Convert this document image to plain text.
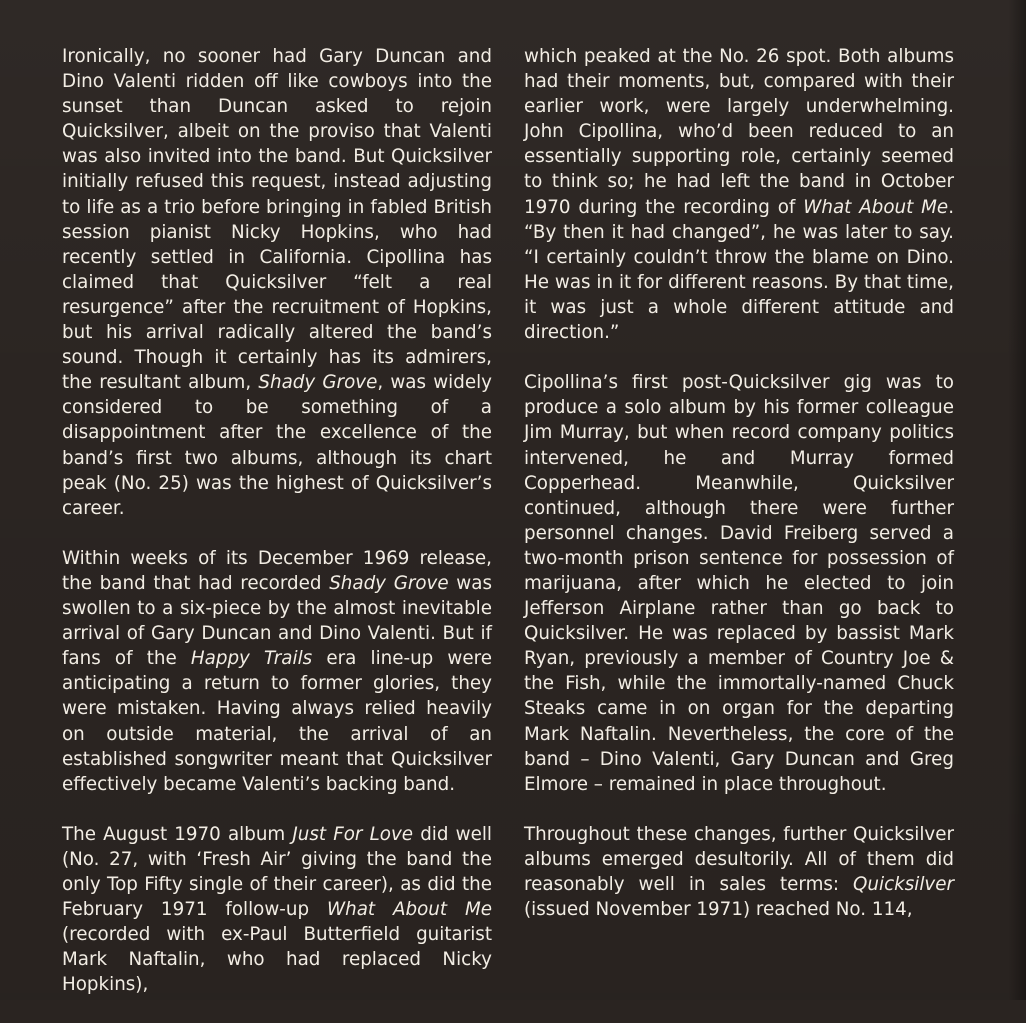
Ironically, no sooner had Gary Duncan and Dino Valenti ridden off like cowboys into the sunset than Duncan asked to rejoin Quicksilver, albeit on the proviso that Valenti was also invited into the band. But Quicksilver initially refused this request, instead adjusting to life as a trio before bringing in fabled British session pianist Nicky Hopkins, who had recently settled in California. Cipollina has claimed that Quicksilver “felt a real resurgence” after the recruitment of Hopkins, but his arrival radically altered the band’s sound. Though it certainly has its admirers, the resultant album, Shady Grove, was widely considered to be something of a disappointment after the excellence of the band’s first two albums, although its chart peak (No. 25) was the highest of Quicksilver’s career.

Within weeks of its December 1969 release, the band that had recorded Shady Grove was swollen to a six-piece by the almost inevitable arrival of Gary Duncan and Dino Valenti. But if fans of the Happy Trails era line-up were anticipating a return to former glories, they were mistaken. Having always relied heavily on outside material, the arrival of an established songwriter meant that Quicksilver effectively became Valenti’s backing band.

The August 1970 album Just For Love did well (No. 27, with ‘Fresh Air’ giving the band the only Top Fifty single of their career), as did the February 1971 follow-up What About Me (recorded with ex-Paul Butterfield guitarist Mark Naftalin, who had replaced Nicky Hopkins),

which peaked at the No. 26 spot. Both albums had their moments, but, compared with their earlier work, were largely underwhelming. John Cipollina, who’d been reduced to an essentially supporting role, certainly seemed to think so; he had left the band in October 1970 during the recording of What About Me. “By then it had changed”, he was later to say. “I certainly couldn’t throw the blame on Dino. He was in it for different reasons. By that time, it was just a whole different attitude and direction.”

Cipollina’s first post-Quicksilver gig was to produce a solo album by his former colleague Jim Murray, but when record company politics intervened, he and Murray formed Copperhead. Meanwhile, Quicksilver continued, although there were further personnel changes. David Freiberg served a two-month prison sentence for possession of marijuana, after which he elected to join Jefferson Airplane rather than go back to Quicksilver. He was replaced by bassist Mark Ryan, previously a member of Country Joe & the Fish, while the immortally-named Chuck Steaks came in on organ for the departing Mark Naftalin. Nevertheless, the core of the band – Dino Valenti, Gary Duncan and Greg Elmore – remained in place throughout.

Throughout these changes, further Quicksilver albums emerged desultorily. All of them did reasonably well in sales terms: Quicksilver (issued November 1971) reached No. 114,
